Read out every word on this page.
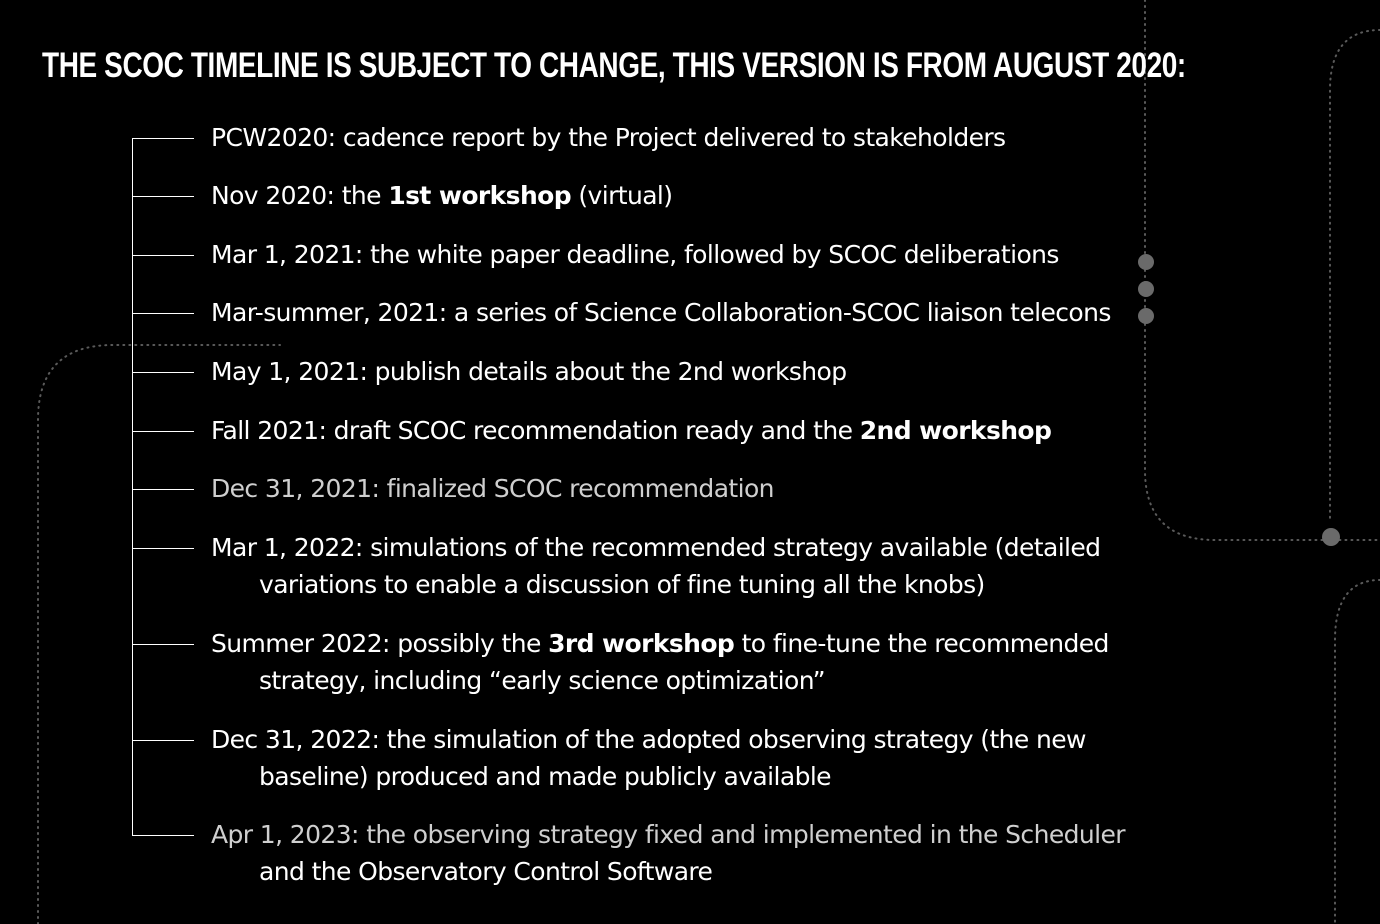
THE SCOC TIMELINE IS SUBJECT TO CHANGE, THIS VERSION IS FROM AUGUST 2020:
PCW2020: cadence report by the Project delivered to stakeholders
Nov 2020: the 1st workshop (virtual)
Mar 1, 2021: the white paper deadline, followed by SCOC deliberations
Mar-summer, 2021: a series of Science Collaboration-SCOC liaison telecons
May 1, 2021: publish details about the 2nd workshop
Fall 2021: draft SCOC recommendation ready and the 2nd workshop
Dec 31, 2021: finalized SCOC recommendation
Mar 1, 2022: simulations of the recommended strategy available (detailed
variations to enable a discussion of fine tuning all the knobs)
Summer 2022: possibly the 3rd workshop to fine-tune the recommended
strategy, including “early science optimization”
Dec 31, 2022: the simulation of the adopted observing strategy (the new
baseline) produced and made publicly available
Apr 1, 2023: the observing strategy fixed and implemented in the Scheduler
and the Observatory Control Software
